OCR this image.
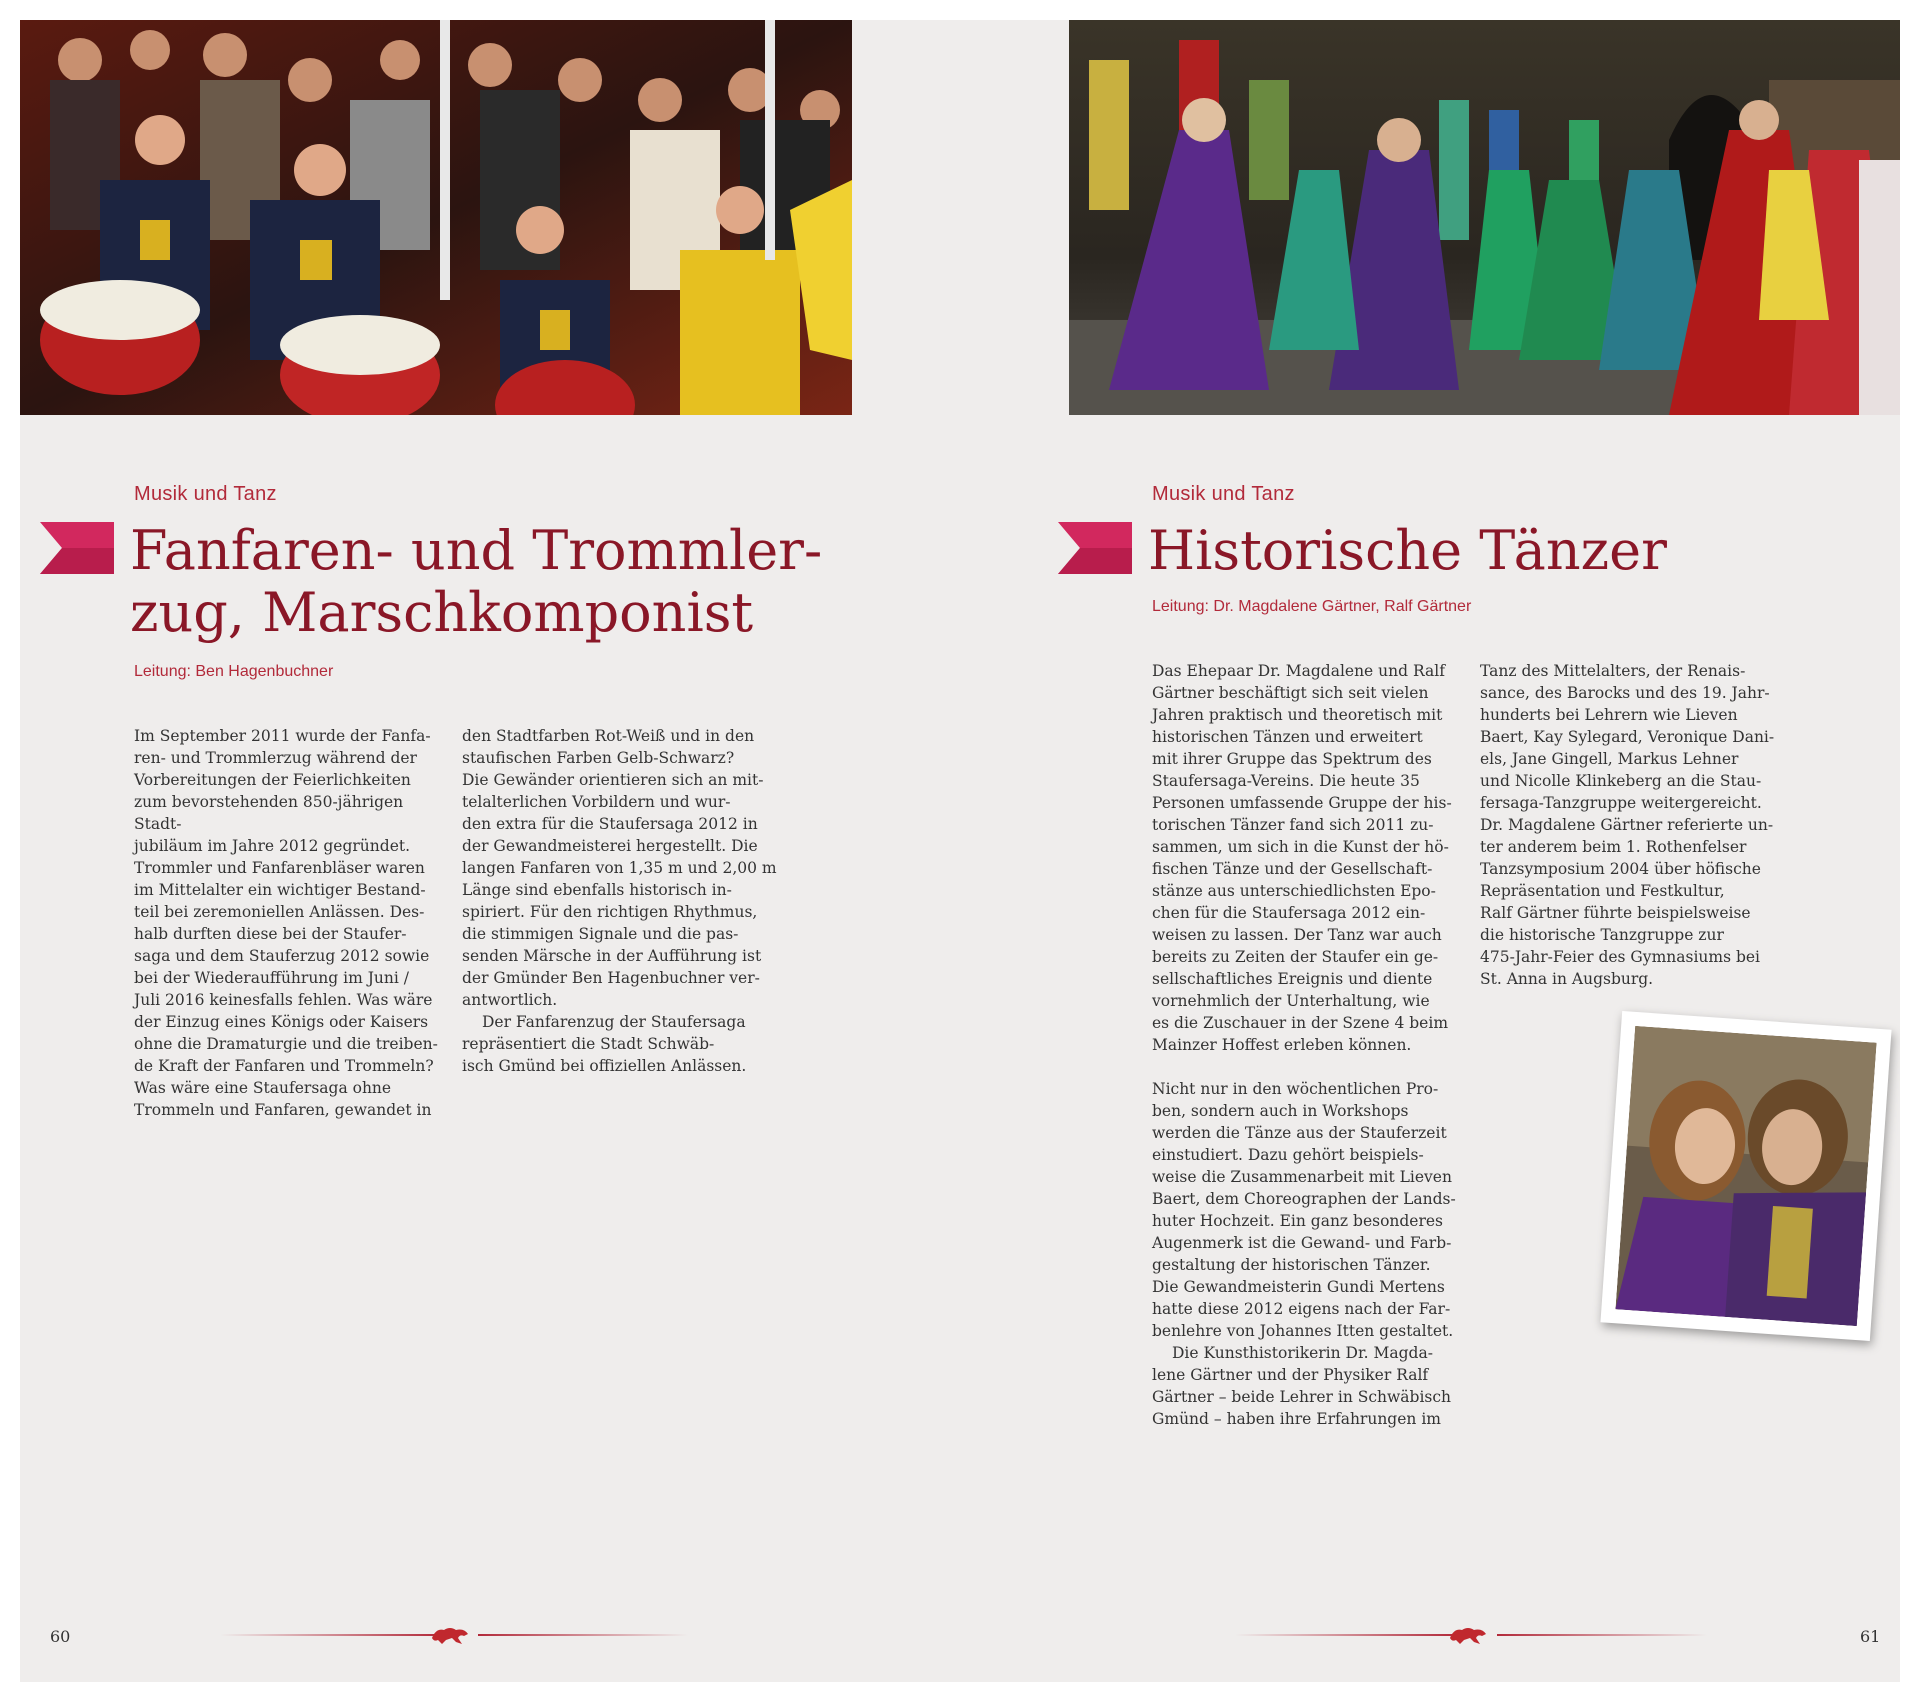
Musik und Tanz
Fanfaren- und Trommler-
zug, Marschkomponist
Leitung: Ben Hagenbuchner

Im September 2011 wurde der Fanfa-
ren- und Trommlerzug während der
Vorbereitungen der Feierlichkeiten
zum bevorstehenden 850-jährigen Stadt-
jubiläum im Jahre 2012 gegründet.
Trommler und Fanfarenbläser waren
im Mittelalter ein wichtiger Bestand-
teil bei zeremoniellen Anlässen. Des-
halb durften diese bei der Staufer-
saga und dem Stauferzug 2012 sowie
bei der Wiederaufführung im Juni /
Juli 2016 keinesfalls fehlen. Was wäre
der Einzug eines Königs oder Kaisers
ohne die Dramaturgie und die treiben-
de Kraft der Fanfaren und Trommeln?
Was wäre eine Staufersaga ohne
Trommeln und Fanfaren, gewandet in

den Stadtfarben Rot-Weiß und in den
staufischen Farben Gelb-Schwarz?
Die Gewänder orientieren sich an mit-
telalterlichen Vorbildern und wur-
den extra für die Staufersaga 2012 in
der Gewandmeisterei hergestellt. Die
langen Fanfaren von 1,35 m und 2,00 m
Länge sind ebenfalls historisch in-
spiriert. Für den richtigen Rhythmus,
die stimmigen Signale und die pas-
senden Märsche in der Aufführung ist
der Gmünder Ben Hagenbuchner ver-
antwortlich.

Der Fanfarenzug der Staufersaga
repräsentiert die Stadt Schwäb-
isch Gmünd bei offiziellen Anlässen.

Musik und Tanz
Historische Tänzer
Leitung: Dr. Magdalene Gärtner, Ralf Gärtner

Das Ehepaar Dr. Magdalene und Ralf
Gärtner beschäftigt sich seit vielen
Jahren praktisch und theoretisch mit
historischen Tänzen und erweitert
mit ihrer Gruppe das Spektrum des
Staufersaga-Vereins. Die heute 35
Personen umfassende Gruppe der his-
torischen Tänzer fand sich 2011 zu-
sammen, um sich in die Kunst der hö-
fischen Tänze und der Gesellschaft-
stänze aus unterschiedlichsten Epo-
chen für die Staufersaga 2012 ein-
weisen zu lassen. Der Tanz war auch
bereits zu Zeiten der Staufer ein ge-
sellschaftliches Ereignis und diente
vornehmlich der Unterhaltung, wie
es die Zuschauer in der Szene 4 beim
Mainzer Hoffest erleben können.

Nicht nur in den wöchentlichen Pro-
ben, sondern auch in Workshops
werden die Tänze aus der Stauferzeit
einstudiert. Dazu gehört beispiels-
weise die Zusammenarbeit mit Lieven
Baert, dem Choreographen der Lands-
huter Hochzeit. Ein ganz besonderes
Augenmerk ist die Gewand- und Farb-
gestaltung der historischen Tänzer.
Die Gewandmeisterin Gundi Mertens
hatte diese 2012 eigens nach der Far-
benlehre von Johannes Itten gestaltet.

Die Kunsthistorikerin Dr. Magda-
lene Gärtner und der Physiker Ralf
Gärtner – beide Lehrer in Schwäbisch
Gmünd – haben ihre Erfahrungen im

Tanz des Mittelalters, der Renais-
sance, des Barocks und des 19. Jahr-
hunderts bei Lehrern wie Lieven
Baert, Kay Sylegard, Veronique Dani-
els, Jane Gingell, Markus Lehner
und Nicolle Klinkeberg an die Stau-
fersaga-Tanzgruppe weitergereicht.
Dr. Magdalene Gärtner referierte un-
ter anderem beim 1. Rothenfelser
Tanzsymposium 2004 über höfische
Repräsentation und Festkultur,
Ralf Gärtner führte beispielsweise
die historische Tanzgruppe zur
475-Jahr-Feier des Gymnasiums bei
St. Anna in Augsburg.

60	61
